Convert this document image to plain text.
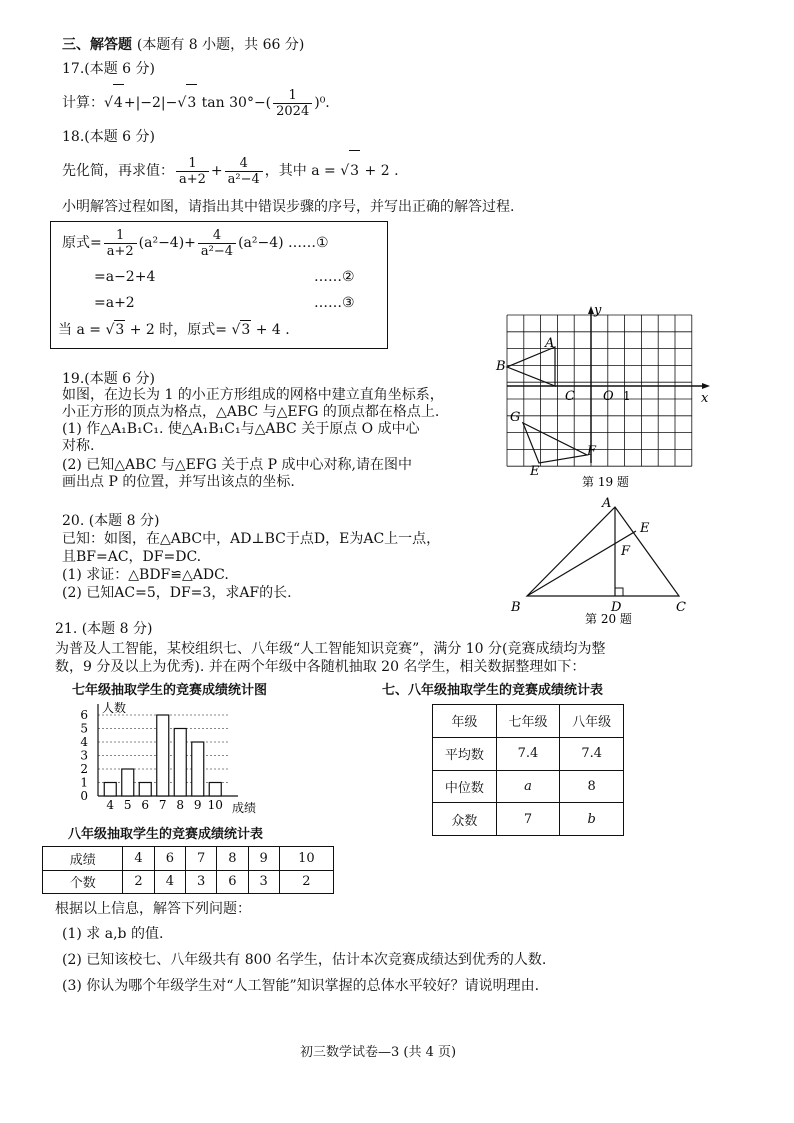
三、解答题 (本题有 8 小题，共 66 分)
17.(本题 6 分)
计算：√4+|−2|−√3 $\tan 30^\circ-( \frac{1}{2024} )^0$.
18.(本题 6 分)
先化简，再求值： $\frac{1}{a+2} + \frac{4}{\text{a²−4}}$ ，其中 a = √3 + 2 .
小明解答过程如图，请指出其中错误步骤的序号，并写出正确的解答过程.
原式= $\frac{1}{a+2} (a^2-4)+ \frac{4}{\text{a²−4}} (a^2-4)$ ……①
=a−2+4	……②
=a+2	……③
当 a = √3 + 2 时，原式= √3 + 4 .
19.(本题 6 分)
如图，在边长为 1 的小正方形组成的网格中建立直角坐标系，
小正方形的顶点为格点，△ABC 与△EFG 的顶点都在格点上.
(1) 作△A₁B₁C₁. 使△A₁B₁C₁与△ABC 关于原点 O 成中心
对称.
(2) 已知△ABC 与△EFG 关于点 P 成中心对称,请在图中
画出点 P 的位置，并写出该点的坐标.
y
x
A
B
C O 1
G
F
E
第 19 题
20. (本题 8 分)
已知：如图，在△ABC中，AD⊥BC于点D，E为AC上一点，
且BF=AC，DF=DC.
(1) 求证：△BDF≌△ADC.
(2) 已知AC=5，DF=3，求AF的长.
A
E
F
B	D	C
第 20 题
21. (本题 8 分)
为普及人工智能，某校组织七、八年级“人工智能知识竞赛”，满分 10 分(竞赛成绩均为整
数，9 分及以上为优秀). 并在两个年级中各随机抽取 20 名学生，相关数据整理如下：
七年级抽取学生的竞赛成绩统计图	七、八年级抽取学生的竞赛成绩统计表
4 5 6 7 8 9 10
0
1
2
3
4
5
6 人数
成绩
年级	七年级	八年级
平均数	7.4	7.4
中位数	a	8
众数	7	b
八年级抽取学生的竞赛成绩统计表
成绩	4	6	7	8	9	10
个数	2	4	3	6	3	2
根据以上信息，解答下列问题：
(1) 求 a,b 的值.
(2) 已知该校七、八年级共有 800 名学生，估计本次竞赛成绩达到优秀的人数.
(3) 你认为哪个年级学生对“人工智能”知识掌握的总体水平较好？请说明理由.
初三数学试卷—3 (共 4 页)
